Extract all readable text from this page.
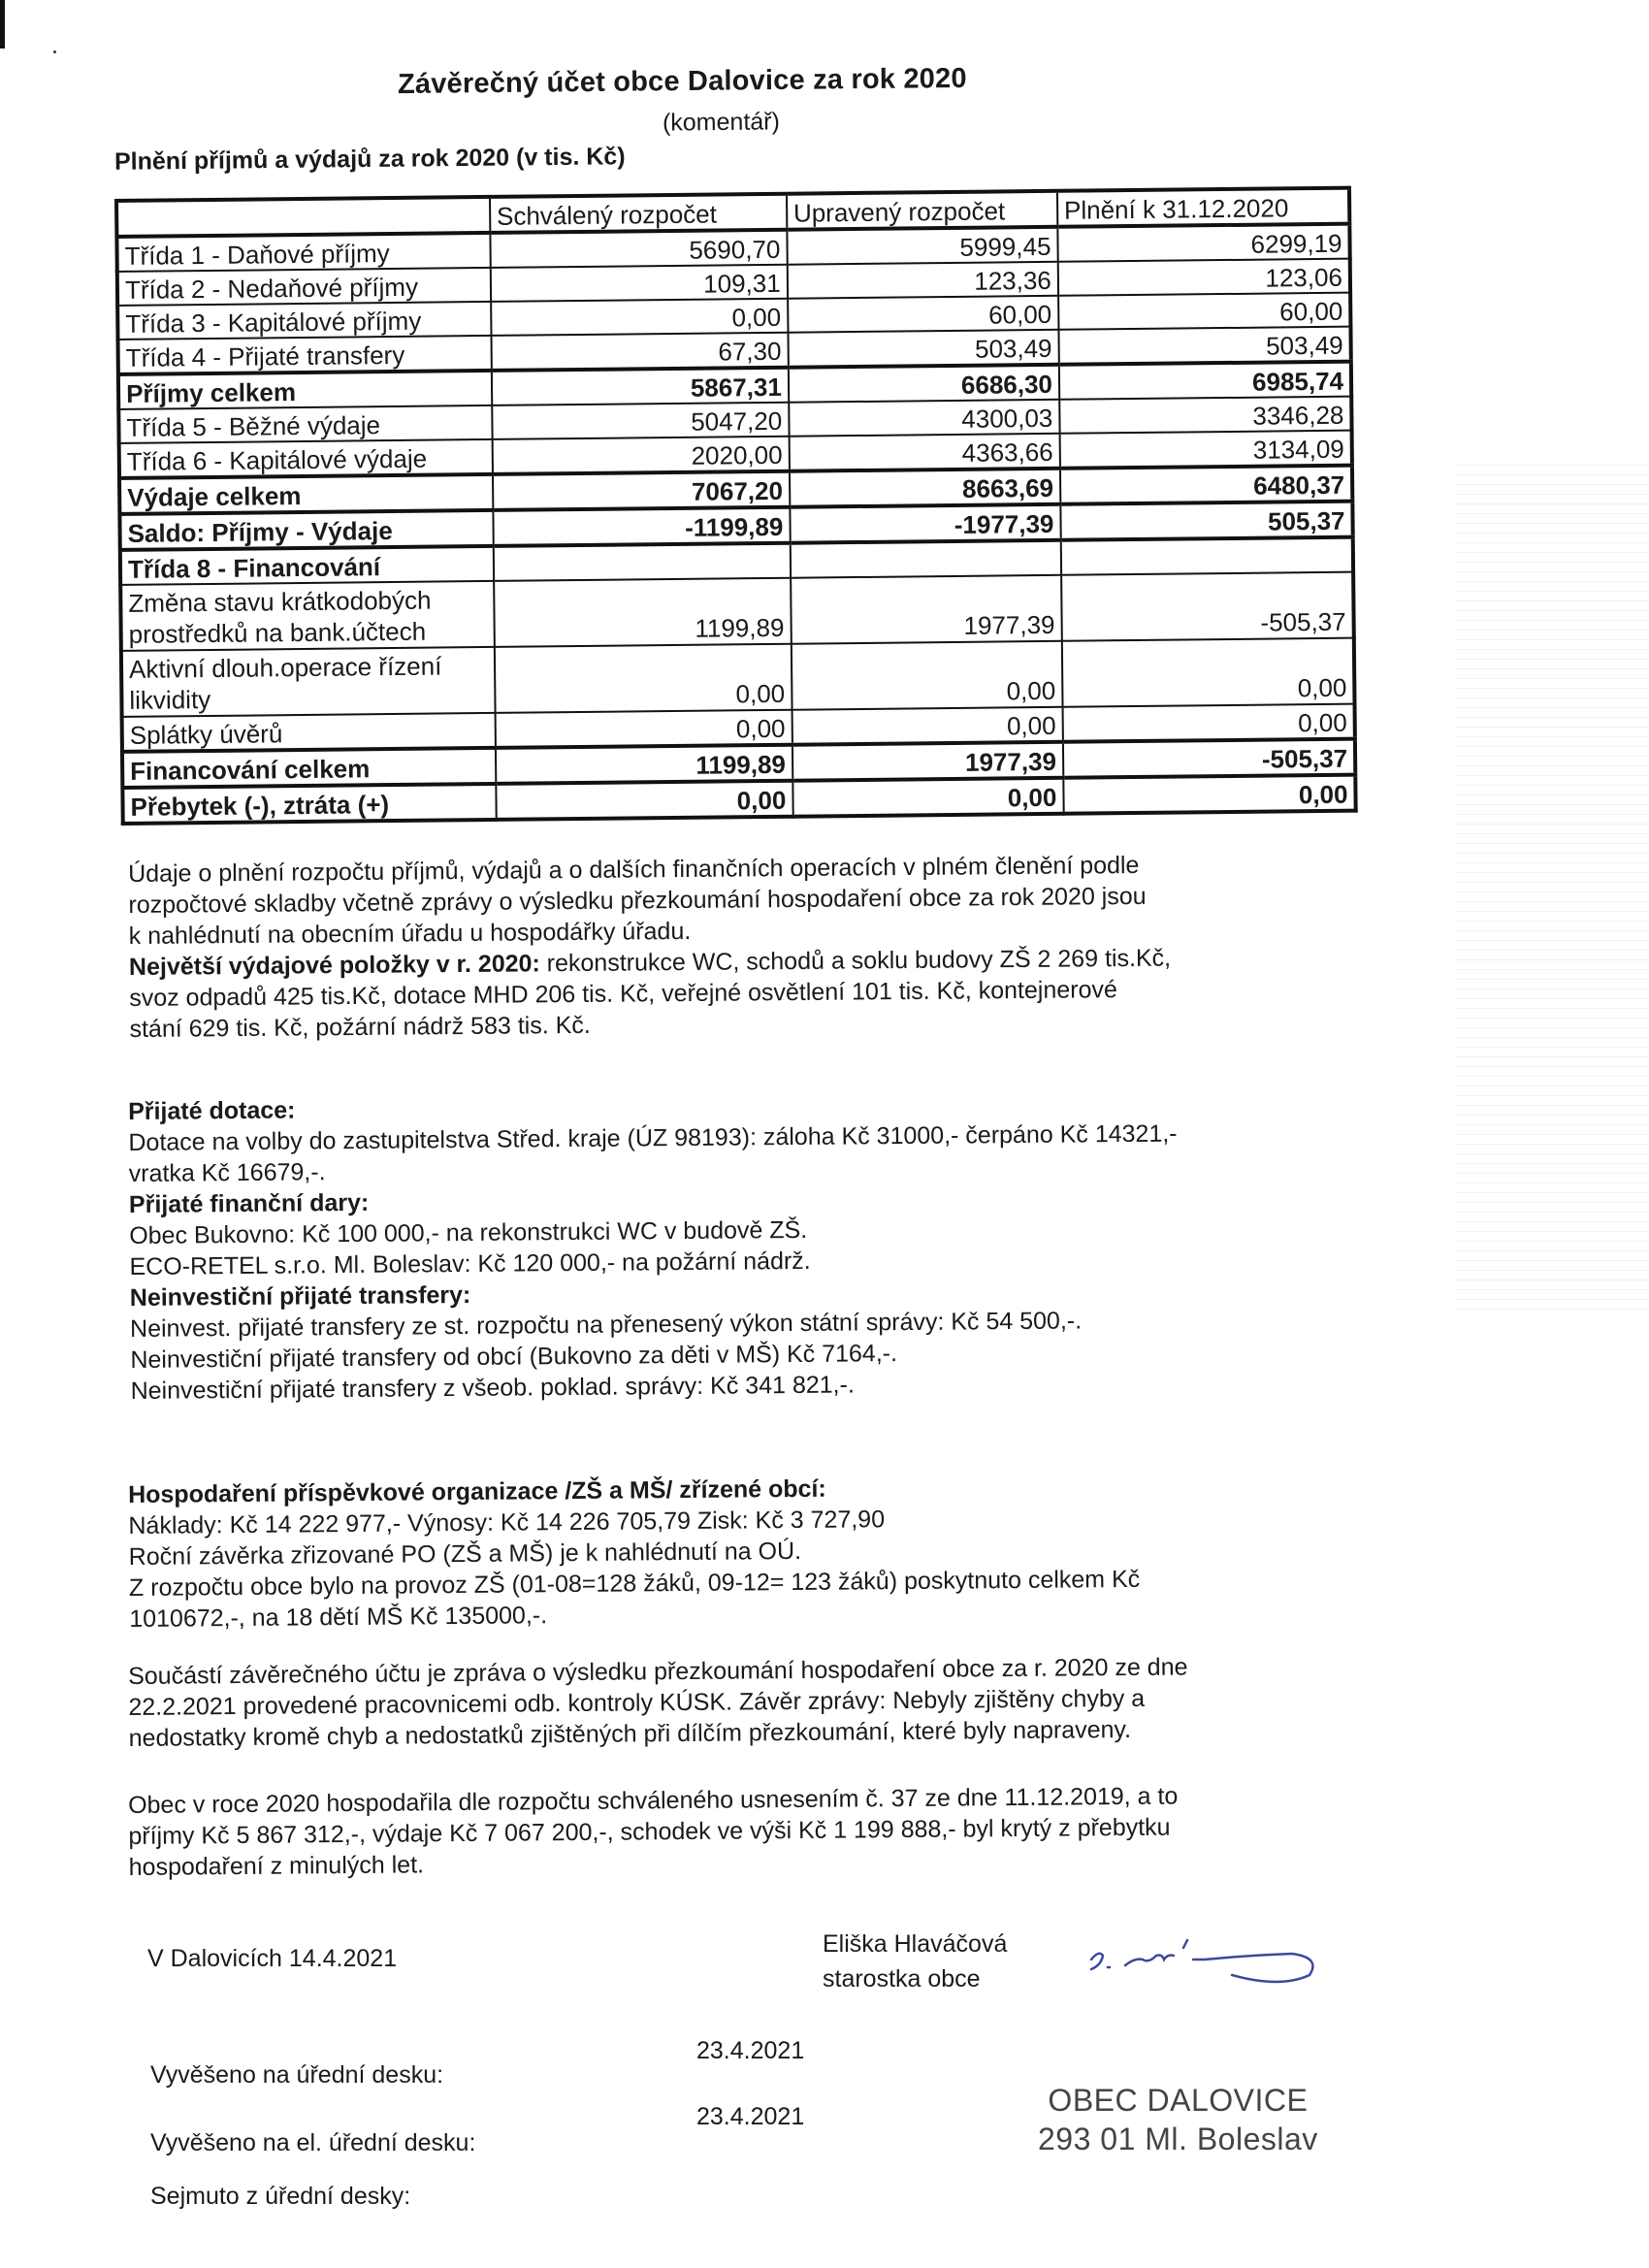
Závěrečný účet obce Dalovice za rok 2020
(komentář)
Plnění příjmů a výdajů za rok 2020 (v tis. Kč)
	Schválený rozpočet	Upravený rozpočet	Plnění k 31.12.2020
Třída 1 - Daňové příjmy	5690,70	5999,45	6299,19
Třída 2 - Nedaňové příjmy	109,31	123,36	123,06
Třída 3 - Kapitálové příjmy	0,00	60,00	60,00
Třída 4 - Přijaté transfery	67,30	503,49	503,49
Příjmy celkem	5867,31	6686,30	6985,74
Třída 5 - Běžné výdaje	5047,20	4300,03	3346,28
Třída 6 - Kapitálové výdaje	2020,00	4363,66	3134,09
Výdaje celkem	7067,20	8663,69	6480,37
Saldo: Příjmy - Výdaje	-1199,89	-1977,39	505,37
Třída 8 - Financování			
Změna stavu krátkodobých
prostředků na bank.účtech	1199,89	1977,39	-505,37
Aktivní dlouh.operace řízení
likvidity	0,00	0,00	0,00
Splátky úvěrů	0,00	0,00	0,00
Financování celkem	1199,89	1977,39	-505,37
Přebytek (-), ztráta (+)	0,00	0,00	0,00
Údaje o plnění rozpočtu příjmů, výdajů a o dalších finančních operacích v plném členění podle
rozpočtové skladby včetně zprávy o výsledku přezkoumání hospodaření obce za rok 2020 jsou
k nahlédnutí na obecním úřadu u hospodářky úřadu.
Největší výdajové položky v r. 2020: rekonstrukce WC, schodů a soklu budovy ZŠ 2 269 tis.Kč,
svoz odpadů 425 tis.Kč, dotace MHD 206 tis. Kč, veřejné osvětlení 101 tis. Kč, kontejnerové
stání 629 tis. Kč, požární nádrž 583 tis. Kč.
Přijaté dotace:
Dotace na volby do zastupitelstva Střed. kraje (ÚZ 98193): záloha Kč 31000,- čerpáno Kč 14321,-
vratka Kč 16679,-.
Přijaté finanční dary:
Obec Bukovno: Kč 100 000,- na rekonstrukci WC v budově ZŠ.
ECO-RETEL s.r.o. Ml. Boleslav: Kč 120 000,- na požární nádrž.
Neinvestiční přijaté transfery:
Neinvest. přijaté transfery ze st. rozpočtu na přenesený výkon státní správy: Kč 54 500,-.
Neinvestiční přijaté transfery od obcí (Bukovno za děti v MŠ) Kč 7164,-.
Neinvestiční přijaté transfery z všeob. poklad. správy: Kč 341 821,-.
Hospodaření příspěvkové organizace /ZŠ a MŠ/ zřízené obcí:
Náklady: Kč 14 222 977,- Výnosy: Kč 14 226 705,79 Zisk: Kč 3 727,90
Roční závěrka zřizované PO (ZŠ a MŠ) je k nahlédnutí na OÚ.
Z rozpočtu obce bylo na provoz ZŠ (01-08=128 žáků, 09-12= 123 žáků) poskytnuto celkem Kč
1010672,-, na 18 dětí MŠ Kč 135000,-.
Součástí závěrečného účtu je zpráva o výsledku přezkoumání hospodaření obce za r. 2020 ze dne
22.2.2021 provedené pracovnicemi odb. kontroly KÚSK. Závěr zprávy: Nebyly zjištěny chyby a
nedostatky kromě chyb a nedostatků zjištěných při dílčím přezkoumání, které byly napraveny.
Obec v roce 2020 hospodařila dle rozpočtu schváleného usnesením č. 37 ze dne 11.12.2019, a to
příjmy Kč 5 867 312,-, výdaje Kč 7 067 200,-, schodek ve výši Kč 1 199 888,- byl krytý z přebytku
hospodaření z minulých let.
V Dalovicích 14.4.2021
Eliška Hlaváčová
starostka obce
Vyvěšeno na úřední desku:
23.4.2021
Vyvěšeno na el. úřední desku:
23.4.2021
Sejmuto z úřední desky:
OBEC DALOVICE
293 01 Ml. Boleslav
